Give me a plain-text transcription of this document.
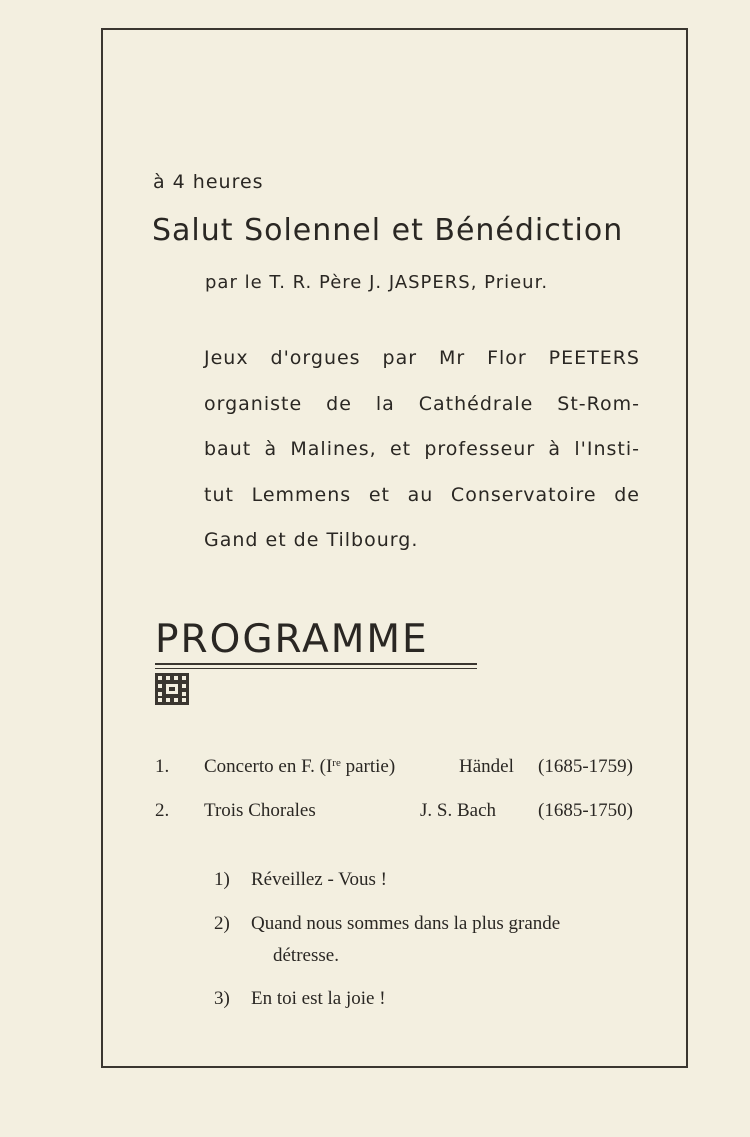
à 4 heures
Salut Solennel et Bénédiction
par le T. R. Père J. JASPERS, Prieur.
Jeux d'orgues par Mr Flor PEETERS
organiste de la Cathédrale St-Rom-
baut à Malines, et professeur à l'Insti-
tut Lemmens et au Conservatoire de
Gand et de Tilbourg.
PROGRAMME
1. Concerto en F. (Ire partie)	Händel (1685-1759)
2. Trois Chorales	J. S. Bach (1685-1750)
1) Réveillez - Vous !
2) Quand nous sommes dans la plus grande
détresse.
3) En toi est la joie !
